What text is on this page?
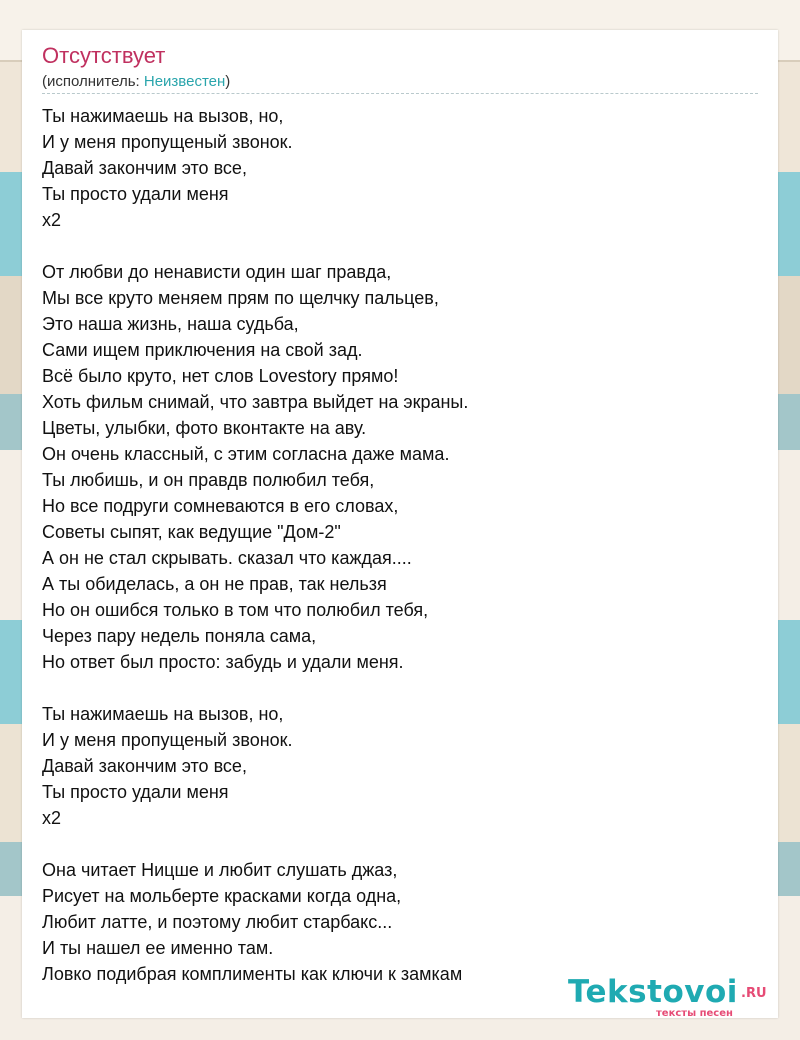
Отсутствует
(исполнитель: Неизвестен)
Ты нажимаешь на вызов, но,
И у меня пропущеный звонок.
Давай закончим это все,
Ты просто удали меня
x2
От любви до ненависти один шаг правда,
Мы все круто меняем прям по щелчку пальцев,
Это наша жизнь, наша судьба,
Сами ищем приключения на свой зад.
Всё было круто, нет слов Lovestory прямо!
Хоть фильм снимай, что завтра выйдет на экраны.
Цветы, улыбки, фото вконтакте на аву.
Он очень классный, с этим согласна даже мама.
Ты любишь, и он правдв полюбил тебя,
Но все подруги сомневаются в его словах,
Советы сыпят, как ведущие "Дом-2"
А он не стал скрывать. сказал что каждая....
А ты обиделась, а он не прав, так нельзя
Но он ошибся только в том что полюбил тебя,
Через пару недель поняла сама,
Но ответ был просто: забудь и удали меня.
Ты нажимаешь на вызов, но,
И у меня пропущеный звонок.
Давай закончим это все,
Ты просто удали меня
x2
Она читает Ницше и любит слушать джаз,
Рисует на мольберте красками когда одна,
Любит латте, и поэтому любит старбакс...
И ты нашел ее именно там.
Ловко подибрая комплименты как ключи к замкам	Tekstovoi .RU
тексты песен
